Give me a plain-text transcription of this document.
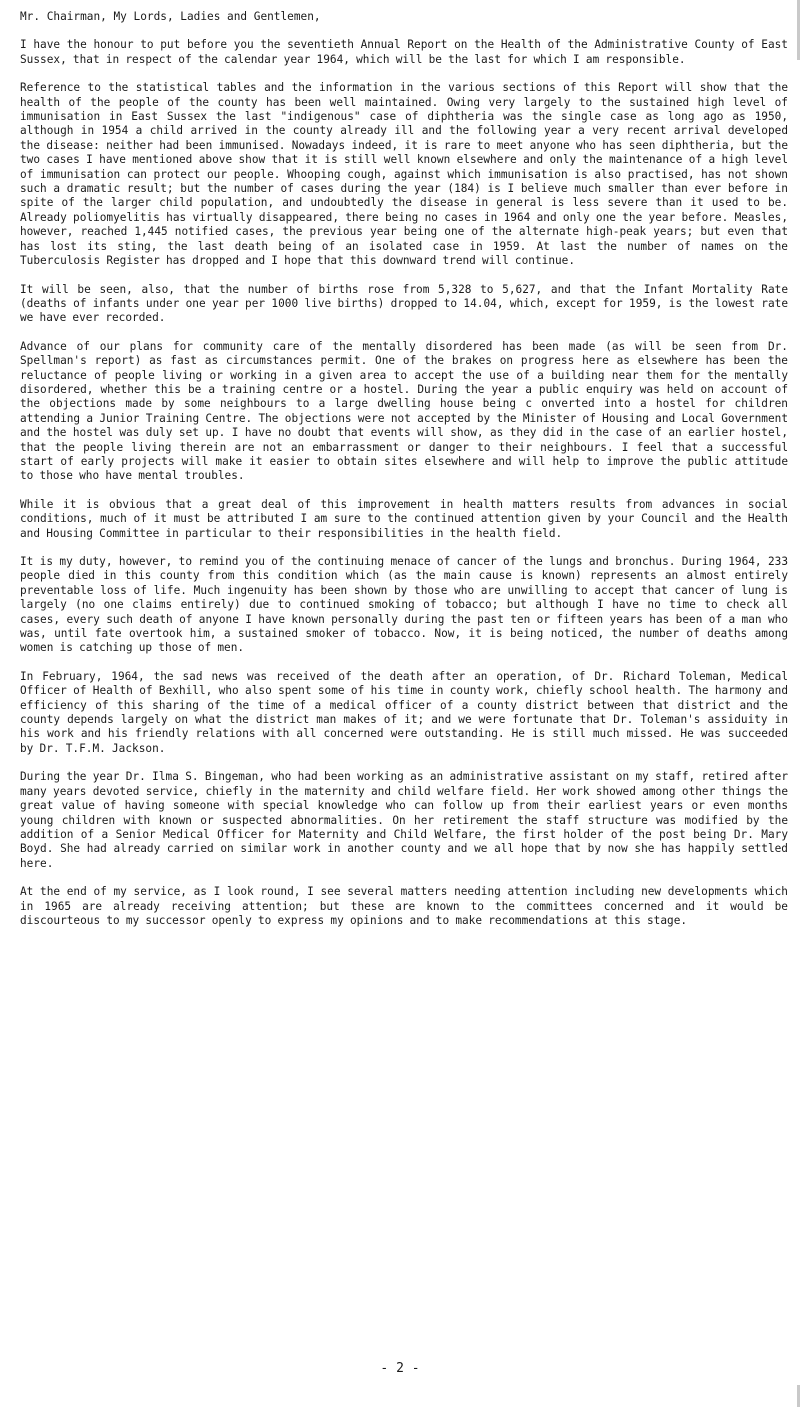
Mr. Chairman, My Lords, Ladies and Gentlemen,

I have the honour to put before you the seventieth Annual Report on the Health of the Administrative County of East Sussex, that in respect of the calendar year 1964, which will be the last for which I am responsible.

Reference to the statistical tables and the information in the various sections of this Report will show that the health of the people of the county has been well maintained. Owing very largely to the sustained high level of immunisation in East Sussex the last "indigenous" case of diphtheria was the single case as long ago as 1950, although in 1954 a child arrived in the county already ill and the following year a very recent arrival developed the disease: neither had been immunised. Nowadays indeed, it is rare to meet anyone who has seen diphtheria, but the two cases I have mentioned above show that it is still well known elsewhere and only the maintenance of a high level of immunisation can protect our people. Whooping cough, against which immunisation is also practised, has not shown such a dramatic result; but the number of cases during the year (184) is I believe much smaller than ever before in spite of the larger child population, and undoubtedly the disease in general is less severe than it used to be. Already poliomyelitis has virtually disappeared, there being no cases in 1964 and only one the year before. Measles, however, reached 1,445 notified cases, the previous year being one of the alternate high-peak years; but even that has lost its sting, the last death being of an isolated case in 1959. At last the number of names on the Tuberculosis Register has dropped and I hope that this downward trend will continue.

It will be seen, also, that the number of births rose from 5,328 to 5,627, and that the Infant Mortality Rate (deaths of infants under one year per 1000 live births) dropped to 14.04, which, except for 1959, is the lowest rate we have ever recorded.

Advance of our plans for community care of the mentally disordered has been made (as will be seen from Dr. Spellman's report) as fast as circumstances permit. One of the brakes on progress here as elsewhere has been the reluctance of people living or working in a given area to accept the use of a building near them for the mentally disordered, whether this be a training centre or a hostel. During the year a public enquiry was held on account of the objections made by some neighbours to a large dwelling house being c onverted into a hostel for children attending a Junior Training Centre. The objections were not accepted by the Minister of Housing and Local Government and the hostel was duly set up. I have no doubt that events will show, as they did in the case of an earlier hostel, that the people living therein are not an embarrassment or danger to their neighbours. I feel that a successful start of early projects will make it easier to obtain sites elsewhere and will help to improve the public attitude to those who have mental troubles.

While it is obvious that a great deal of this improvement in health matters results from advances in social conditions, much of it must be attributed I am sure to the continued attention given by your Council and the Health and Housing Committee in particular to their responsibilities in the health field.

It is my duty, however, to remind you of the continuing menace of cancer of the lungs and bronchus. During 1964, 233 people died in this county from this condition which (as the main cause is known) represents an almost entirely preventable loss of life. Much ingenuity has been shown by those who are unwilling to accept that cancer of lung is largely (no one claims entirely) due to continued smoking of tobacco; but although I have no time to check all cases, every such death of anyone I have known personally during the past ten or fifteen years has been of a man who was, until fate overtook him, a sustained smoker of tobacco. Now, it is being noticed, the number of deaths among women is catching up those of men.

In February, 1964, the sad news was received of the death after an operation, of Dr. Richard Toleman, Medical Officer of Health of Bexhill, who also spent some of his time in county work, chiefly school health. The harmony and efficiency of this sharing of the time of a medical officer of a county district between that district and the county depends largely on what the district man makes of it; and we were fortunate that Dr. Toleman's assiduity in his work and his friendly relations with all concerned were outstanding. He is still much missed. He was succeeded by Dr. T.F.M. Jackson.

During the year Dr. Ilma S. Bingeman, who had been working as an administrative assistant on my staff, retired after many years devoted service, chiefly in the maternity and child welfare field. Her work showed among other things the great value of having someone with special knowledge who can follow up from their earliest years or even months young children with known or suspected abnormalities. On her retirement the staff structure was modified by the addition of a Senior Medical Officer for Maternity and Child Welfare, the first holder of the post being Dr. Mary Boyd. She had already carried on similar work in another county and we all hope that by now she has happily settled here.

At the end of my service, as I look round, I see several matters needing attention including new developments which in 1965 are already receiving attention; but these are known to the committees concerned and it would be discourteous to my successor openly to express my opinions and to make recommendations at this stage.

- 2 -
